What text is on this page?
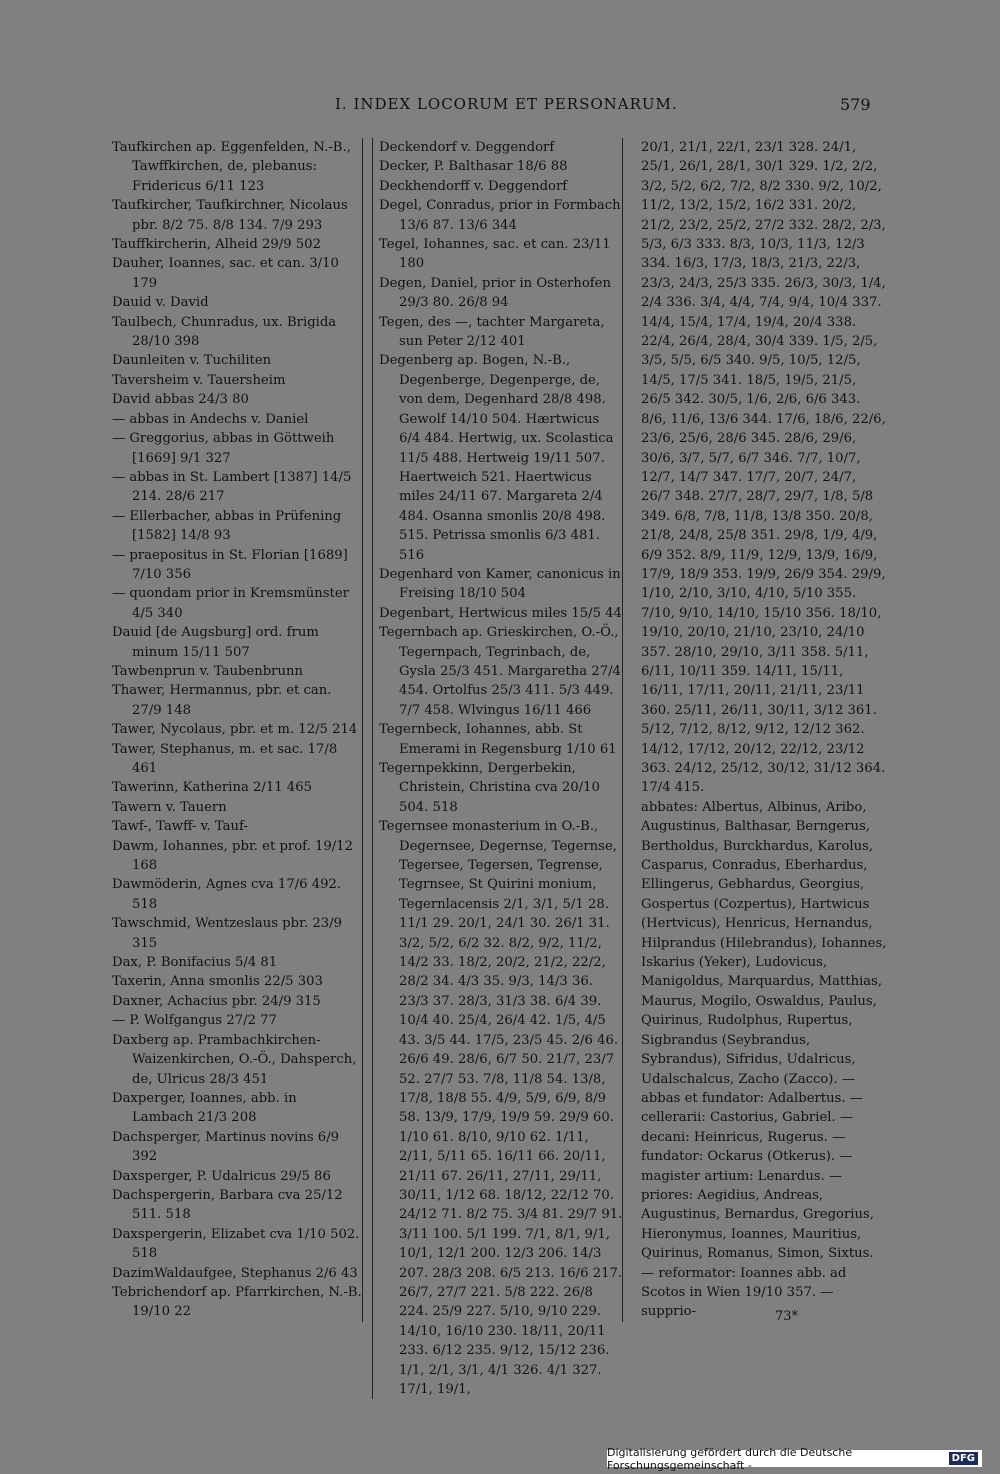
I. INDEX LOCORUM ET PERSONARUM.	579

Taufkirchen ap. Eggenfelden, N.-B., Tawffkirchen, de, plebanus: Fridericus 6/11 123

Taufkircher, Taufkirchner, Nicolaus pbr. 8/2 75. 8/8 134. 7/9 293

Tauffkircherin, Alheid 29/9 502

Dauher, Ioannes, sac. et can. 3/10 179

Dauid v. David

Taulbech, Chunradus, ux. Brigida 28/10 398

Daunleiten v. Tuchiliten

Taversheim v. Tauersheim

David abbas 24/3 80

— abbas in Andechs v. Daniel

— Greggorius, abbas in Göttweih [1669] 9/1 327

— abbas in St. Lambert [1387] 14/5 214. 28/6 217

— Ellerbacher, abbas in Prüfening [1582] 14/8 93

— praepositus in St. Florian [1689] 7/10 356

— quondam prior in Kremsmünster 4/5 340

Dauid [de Augsburg] ord. frum minum 15/11 507

Tawbenprun v. Taubenbrunn

Thawer, Hermannus, pbr. et can. 27/9 148

Tawer, Nycolaus, pbr. et m. 12/5 214

Tawer, Stephanus, m. et sac. 17/8 461

Tawerinn, Katherina 2/11 465

Tawern v. Tauern

Tawf-, Tawff- v. Tauf-

Dawm, Iohannes, pbr. et prof. 19/12 168

Dawmöderin, Agnes cva 17/6 492. 518

Tawschmid, Wentzeslaus pbr. 23/9 315

Dax, P. Bonifacius 5/4 81

Taxerin, Anna smonlis 22/5 303

Daxner, Achacius pbr. 24/9 315

— P. Wolfgangus 27/2 77

Daxberg ap. Prambachkirchen-Waizenkirchen, O.-Ö., Dahsperch, de, Ulricus 28/3 451

Daxperger, Ioannes, abb. in Lambach 21/3 208

Dachsperger, Martinus novins 6/9 392

Daxsperger, P. Udalricus 29/5 86

Dachspergerin, Barbara cva 25/12 511. 518

Daxspergerin, Elizabet cva 1/10 502. 518

DazimWaldaufgee, Stephanus 2/6 43

Tebrichendorf ap. Pfarrkirchen, N.-B. 19/10 22

Deckendorf v. Deggendorf

Decker, P. Balthasar 18/6 88

Deckhendorff v. Deggendorf

Degel, Conradus, prior in Formbach 13/6 87. 13/6 344

Tegel, Iohannes, sac. et can. 23/11 180

Degen, Daniel, prior in Osterhofen 29/3 80. 26/8 94

Tegen, des —, tachter Margareta, sun Peter 2/12 401

Degenberg ap. Bogen, N.-B., Degenberge, Degenperge, de, von dem, Degenhard 28/8 498. Gewolf 14/10 504. Hærtwicus 6/4 484. Hertwig, ux. Scolastica 11/5 488. Hertweig 19/11 507. Haertweich 521. Haertwicus miles 24/11 67. Margareta 2/4 484. Osanna smonlis 20/8 498. 515. Petrissa smonlis 6/3 481. 516

Degenhard von Kamer, canonicus in Freising 18/10 504

Degenbart, Hertwicus miles 15/5 44

Tegernbach ap. Grieskirchen, O.-Ö., Tegernpach, Tegrinbach, de, Gysla 25/3 451. Margaretha 27/4 454. Ortolfus 25/3 411. 5/3 449. 7/7 458. Wlvingus 16/11 466

Tegernbeck, Iohannes, abb. St Emerami in Regensburg 1/10 61

Tegernpekkinn, Dergerbekin, Christein, Christina cva 20/10 504. 518

Tegernsee monasterium in O.-B., Degernsee, Degernse, Tegernse, Tegersee, Tegersen, Tegrense, Tegrnsee, St Quirini monium, Tegernlacensis 2/1, 3/1, 5/1 28. 11/1 29. 20/1, 24/1 30. 26/1 31. 3/2, 5/2, 6/2 32. 8/2, 9/2, 11/2, 14/2 33. 18/2, 20/2, 21/2, 22/2, 28/2 34. 4/3 35. 9/3, 14/3 36. 23/3 37. 28/3, 31/3 38. 6/4 39. 10/4 40. 25/4, 26/4 42. 1/5, 4/5 43. 3/5 44. 17/5, 23/5 45. 2/6 46. 26/6 49. 28/6, 6/7 50. 21/7, 23/7 52. 27/7 53. 7/8, 11/8 54. 13/8, 17/8, 18/8 55. 4/9, 5/9, 6/9, 8/9 58. 13/9, 17/9, 19/9 59. 29/9 60. 1/10 61. 8/10, 9/10 62. 1/11, 2/11, 5/11 65. 16/11 66. 20/11, 21/11 67. 26/11, 27/11, 29/11, 30/11, 1/12 68. 18/12, 22/12 70. 24/12 71. 8/2 75. 3/4 81. 29/7 91. 3/11 100. 5/1 199. 7/1, 8/1, 9/1, 10/1, 12/1 200. 12/3 206. 14/3 207. 28/3 208. 6/5 213. 16/6 217. 26/7, 27/7 221. 5/8 222. 26/8 224. 25/9 227. 5/10, 9/10 229. 14/10, 16/10 230. 18/11, 20/11 233. 6/12 235. 9/12, 15/12 236. 1/1, 2/1, 3/1, 4/1 326. 4/1 327. 17/1, 19/1,

20/1, 21/1, 22/1, 23/1 328. 24/1, 25/1, 26/1, 28/1, 30/1 329. 1/2, 2/2, 3/2, 5/2, 6/2, 7/2, 8/2 330. 9/2, 10/2, 11/2, 13/2, 15/2, 16/2 331. 20/2, 21/2, 23/2, 25/2, 27/2 332. 28/2, 2/3, 5/3, 6/3 333. 8/3, 10/3, 11/3, 12/3 334. 16/3, 17/3, 18/3, 21/3, 22/3, 23/3, 24/3, 25/3 335. 26/3, 30/3, 1/4, 2/4 336. 3/4, 4/4, 7/4, 9/4, 10/4 337. 14/4, 15/4, 17/4, 19/4, 20/4 338. 22/4, 26/4, 28/4, 30/4 339. 1/5, 2/5, 3/5, 5/5, 6/5 340. 9/5, 10/5, 12/5, 14/5, 17/5 341. 18/5, 19/5, 21/5, 26/5 342. 30/5, 1/6, 2/6, 6/6 343. 8/6, 11/6, 13/6 344. 17/6, 18/6, 22/6, 23/6, 25/6, 28/6 345. 28/6, 29/6, 30/6, 3/7, 5/7, 6/7 346. 7/7, 10/7, 12/7, 14/7 347. 17/7, 20/7, 24/7, 26/7 348. 27/7, 28/7, 29/7, 1/8, 5/8 349. 6/8, 7/8, 11/8, 13/8 350. 20/8, 21/8, 24/8, 25/8 351. 29/8, 1/9, 4/9, 6/9 352. 8/9, 11/9, 12/9, 13/9, 16/9, 17/9, 18/9 353. 19/9, 26/9 354. 29/9, 1/10, 2/10, 3/10, 4/10, 5/10 355. 7/10, 9/10, 14/10, 15/10 356. 18/10, 19/10, 20/10, 21/10, 23/10, 24/10 357. 28/10, 29/10, 3/11 358. 5/11, 6/11, 10/11 359. 14/11, 15/11, 16/11, 17/11, 20/11, 21/11, 23/11 360. 25/11, 26/11, 30/11, 3/12 361. 5/12, 7/12, 8/12, 9/12, 12/12 362. 14/12, 17/12, 20/12, 22/12, 23/12 363. 24/12, 25/12, 30/12, 31/12 364. 17/4 415.

abbates: Albertus, Albinus, Aribo, Augustinus, Balthasar, Berngerus, Bertholdus, Burckhardus, Karolus, Casparus, Conradus, Eberhardus, Ellingerus, Gebhardus, Georgius, Gospertus (Cozpertus), Hartwicus (Hertvicus), Henricus, Hernandus, Hilprandus (Hilebrandus), Iohannes, Iskarius (Yeker), Ludovicus, Manigoldus, Marquardus, Matthias, Maurus, Mogilo, Oswaldus, Paulus, Quirinus, Rudolphus, Rupertus, Sigbrandus (Seybrandus, Sybrandus), Sifridus, Udalricus, Udalschalcus, Zacho (Zacco). — abbas et fundator: Adalbertus. — cellerarii: Castorius, Gabriel. — decani: Heinricus, Rugerus. — fundator: Ockarus (Otkerus). — magister artium: Lenardus. — priores: Aegidius, Andreas, Augustinus, Bernardus, Gregorius, Hieronymus, Ioannes, Mauritius, Quirinus, Romanus, Simon, Sixtus. — reformator: Ioannes abb. ad Scotos in Wien 19/10 357. — supprio-	73*
Digitalisierung gefördert durch die Deutsche Forschungsgemeinschaft -	DFG
